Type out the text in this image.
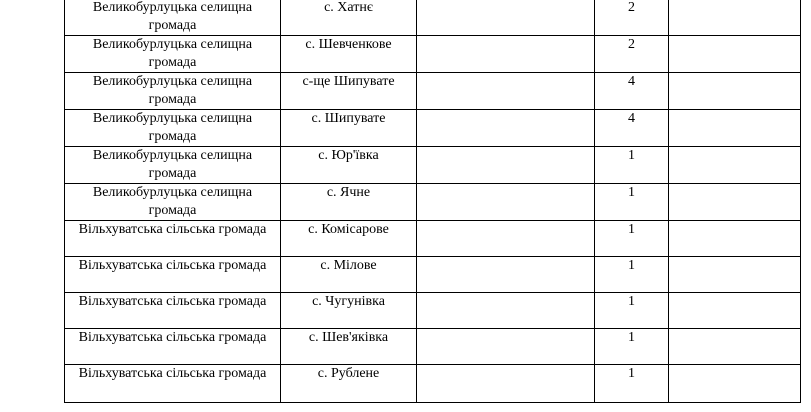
Великобурлуцька селищна громада	с. Хатнє		2	

Великобурлуцька селищна громада	с. Шевченкове		2	

Великобурлуцька селищна громада	с-ще Шипувате		4	

Великобурлуцька селищна громада	с. Шипувате		4	

Великобурлуцька селищна громада	с. Юр'ївка		1	

Великобурлуцька селищна громада	с. Ячне		1	

Вільхуватська сільська громада	с. Комісарове		1	

Вільхуватська сільська громада	с. Мілове		1	

Вільхуватська сільська громада	с. Чугунівка		1	

Вільхуватська сільська громада	с. Шев'яківка		1	

Вільхуватська сільська громада	с. Рублене		1	
